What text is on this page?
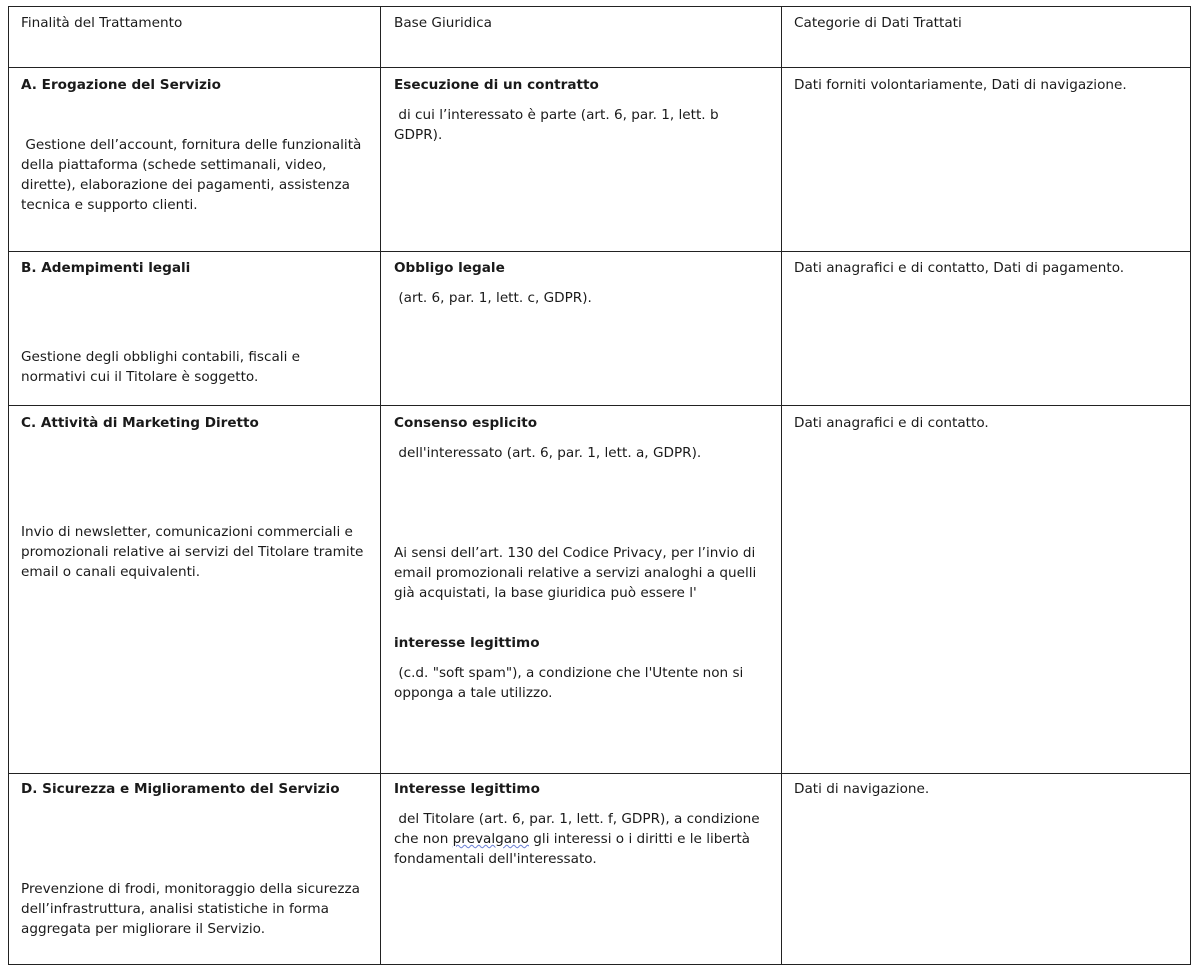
Finalità del Trattamento	Base Giuridica	Categorie di Dati Trattati
A. Erogazione del Servizio
Gestione dell’account, fornitura delle funzionalità della piattaforma (schede settimanali, video, dirette), elaborazione dei pagamenti, assistenza tecnica e supporto clienti.
Esecuzione di un contratto
di cui l’interessato è parte (art. 6, par. 1, lett. b GDPR).
Dati forniti volontariamente, Dati di navigazione.
B. Adempimenti legali
Gestione degli obblighi contabili, fiscali e normativi cui il Titolare è soggetto.
Obbligo legale
(art. 6, par. 1, lett. c, GDPR).
Dati anagrafici e di contatto, Dati di pagamento.
C. Attività di Marketing Diretto
Invio di newsletter, comunicazioni commerciali e promozionali relative ai servizi del Titolare tramite email o canali equivalenti.
Consenso esplicito
dell'interessato (art. 6, par. 1, lett. a, GDPR).
Ai sensi dell’art. 130 del Codice Privacy, per l’invio di email promozionali relative a servizi analoghi a quelli già acquistati, la base giuridica può essere l'
interesse legittimo
(c.d. "soft spam"), a condizione che l'Utente non si opponga a tale utilizzo.
Dati anagrafici e di contatto.
D. Sicurezza e Miglioramento del Servizio
Prevenzione di frodi, monitoraggio della sicurezza dell’infrastruttura, analisi statistiche in forma aggregata per migliorare il Servizio.
Interesse legittimo
del Titolare (art. 6, par. 1, lett. f, GDPR), a condizione che non prevalgano gli interessi o i diritti e le libertà fondamentali dell'interessato.
Dati di navigazione.
